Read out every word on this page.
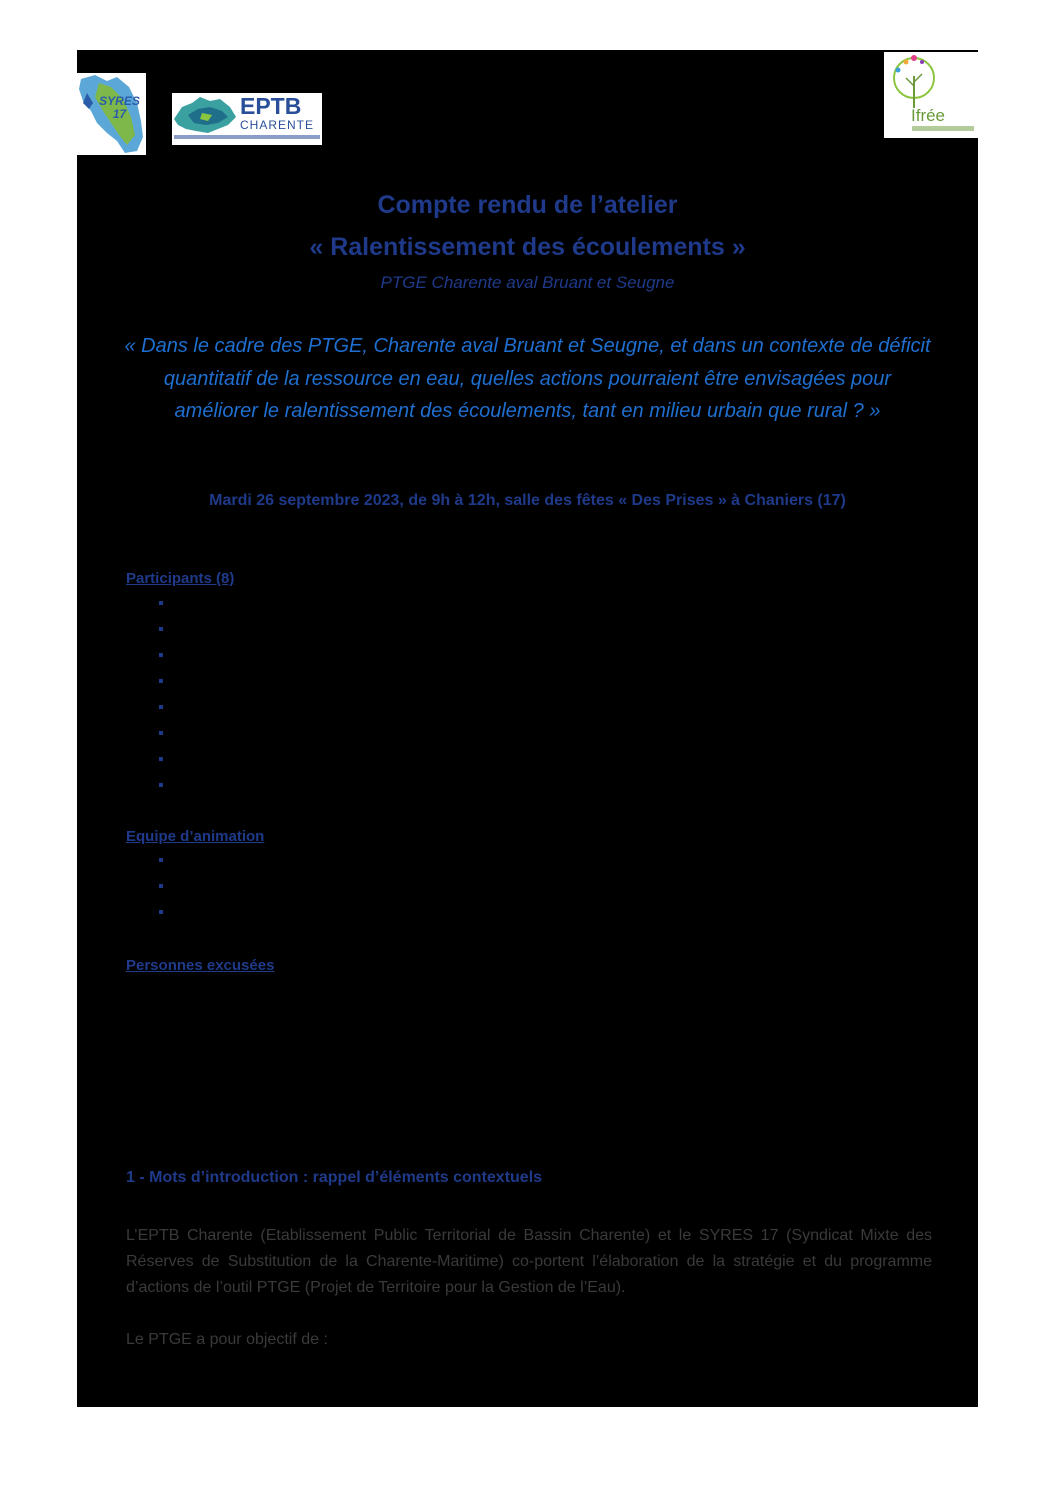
SYRES 17	EPTB
CHARENTE	Ifrée

Compte rendu de l’atelier

« Ralentissement des écoulements »

PTGE Charente aval Bruant et Seugne

« Dans le cadre des PTGE, Charente aval Bruant et Seugne, et dans un contexte de déficit quantitatif de la ressource en eau, quelles actions pourraient être envisagées pour améliorer le ralentissement des écoulements, tant en milieu urbain que rural ? »

Mardi 26 septembre 2023, de 9h à 12h, salle des fêtes « Des Prises » à Chaniers (17)

Participants (8)

Equipe d’animation

Personnes excusées

1 - Mots d’introduction : rappel d’éléments contextuels

L’EPTB Charente (Etablissement Public Territorial de Bassin Charente) et le SYRES 17 (Syndicat Mixte des Réserves de Substitution de la Charente-Maritime) co-portent l’élaboration de la stratégie et du programme d’actions de l’outil PTGE (Projet de Territoire pour la Gestion de l’Eau).

Le PTGE a pour objectif de :
